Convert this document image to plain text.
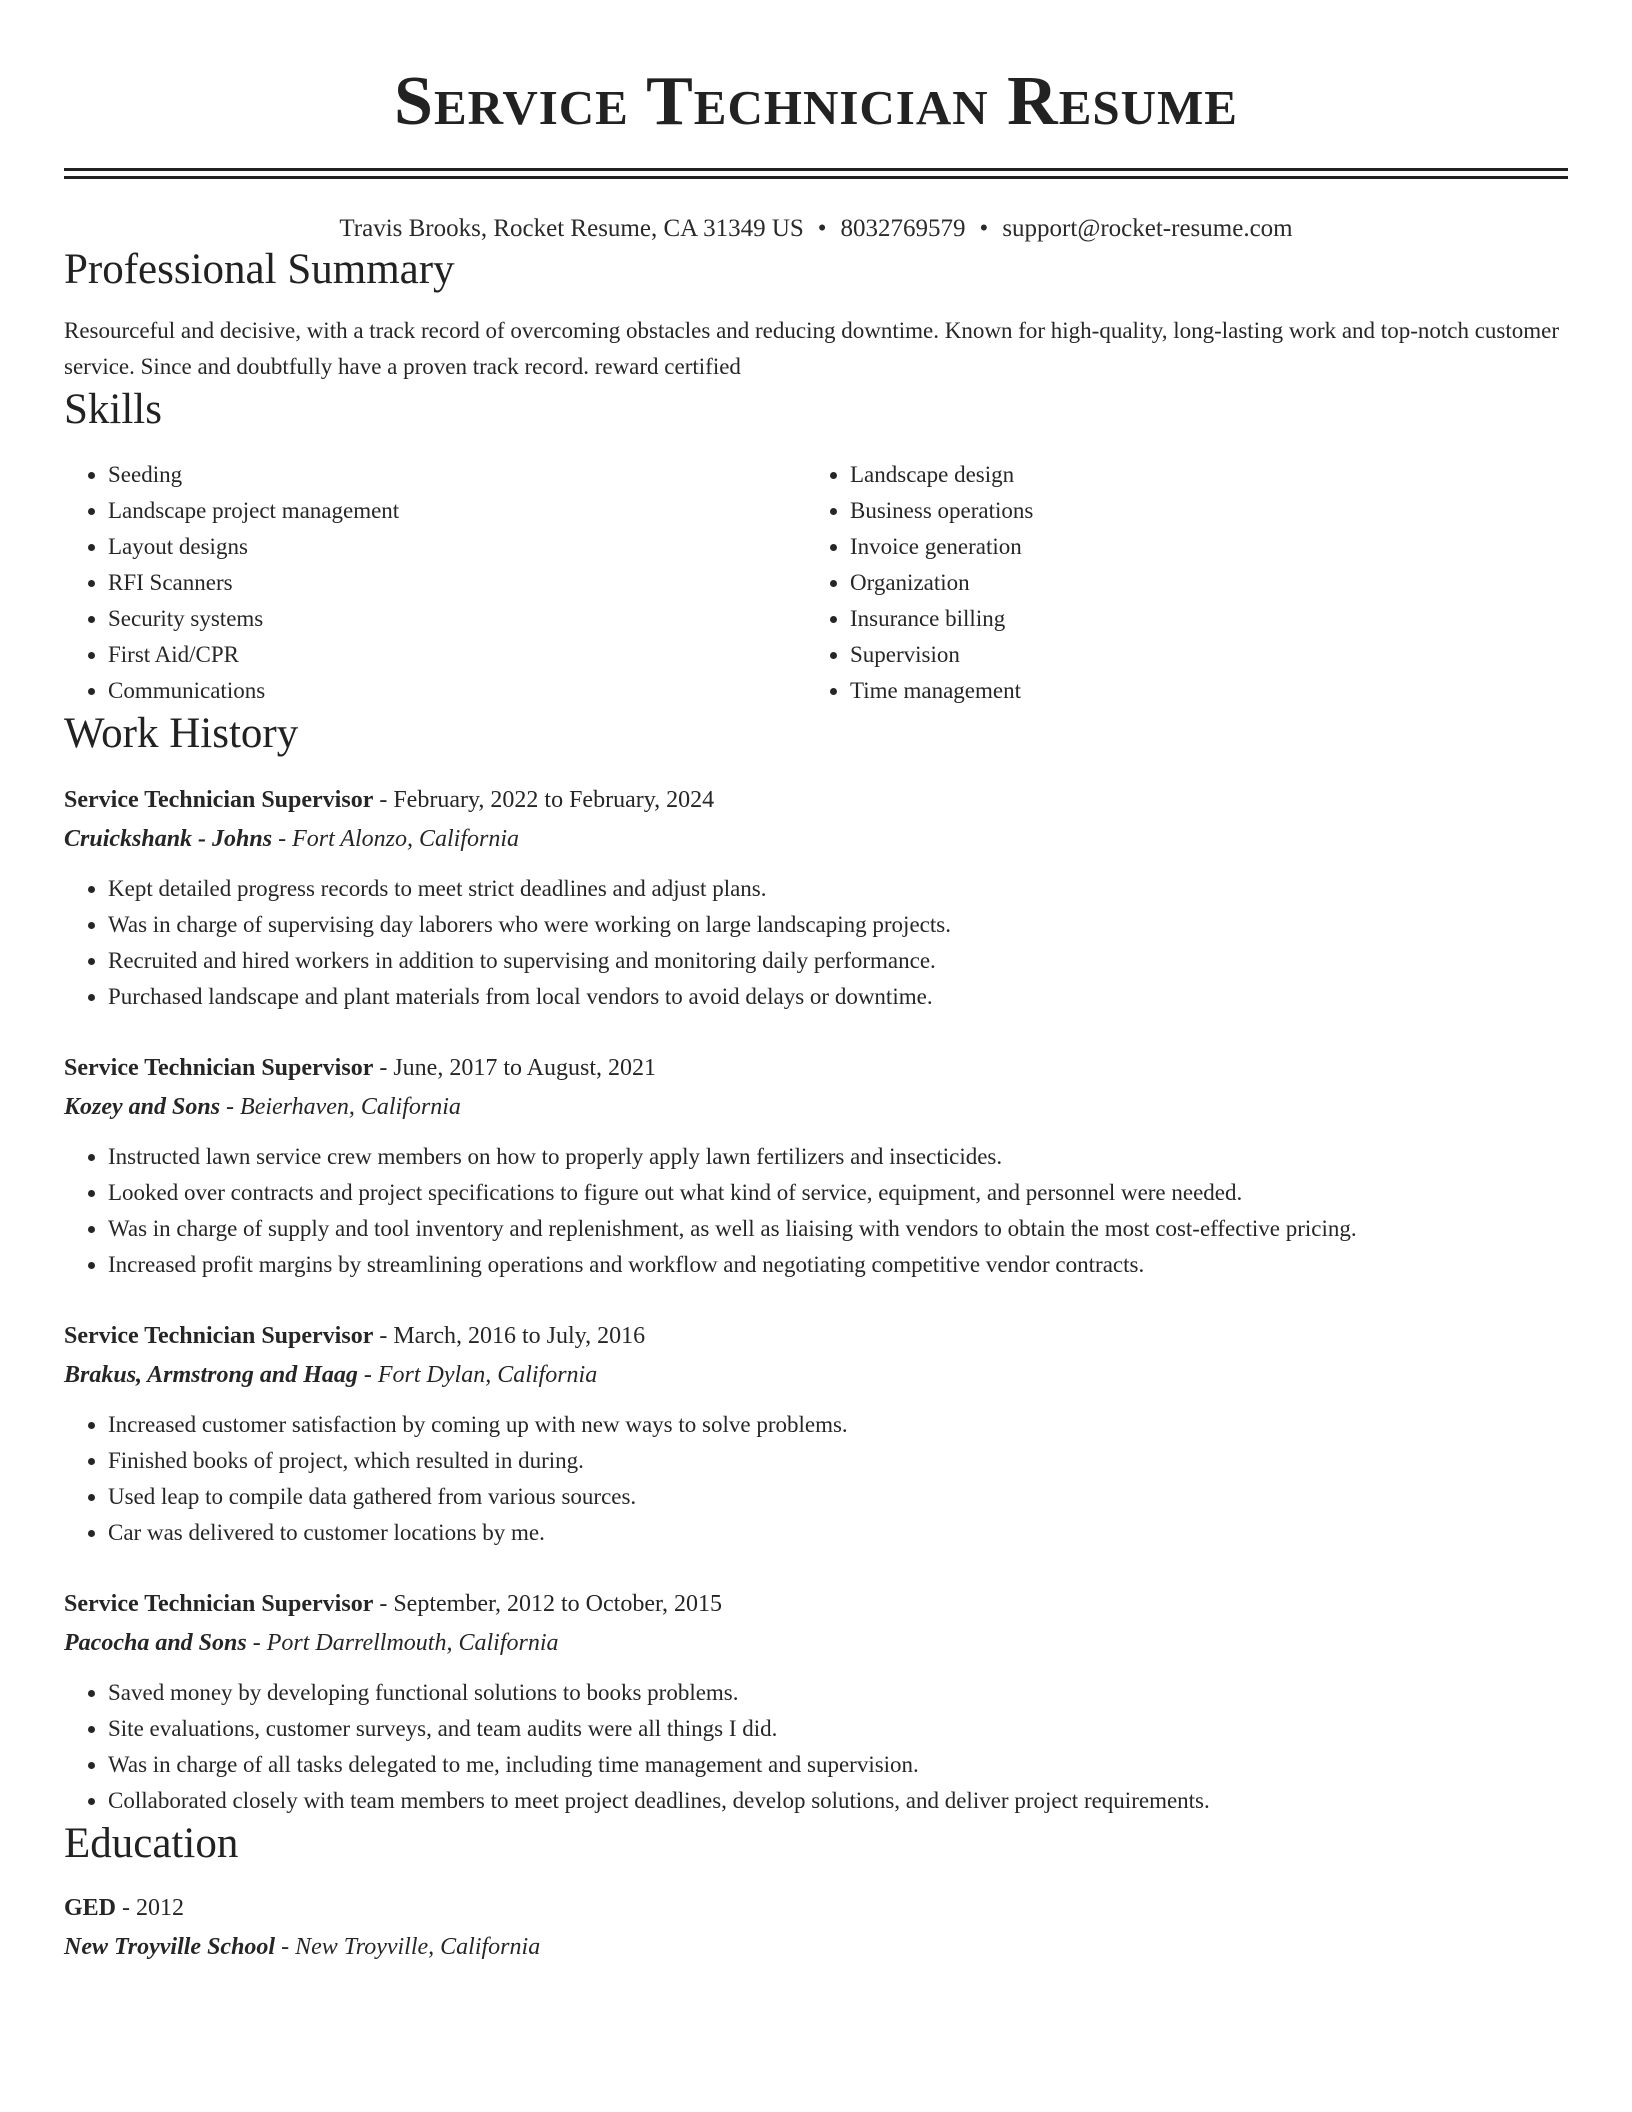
Service Technician Resume
Travis Brooks, Rocket Resume, CA 31349 US • 8032769579 • support@rocket-resume.com
Professional Summary
Resourceful and decisive, with a track record of overcoming obstacles and reducing downtime. Known for high-quality, long-lasting work and top-notch customer service. Since and doubtfully have a proven track record. reward certified
Skills
• Seeding
• Landscape project management
• Layout designs
• RFI Scanners
• Security systems
• First Aid/CPR
• Communications
• Landscape design
• Business operations
• Invoice generation
• Organization
• Insurance billing
• Supervision
• Time management
Work History
Service Technician Supervisor - February, 2022 to February, 2024
Cruickshank - Johns - Fort Alonzo, California
• Kept detailed progress records to meet strict deadlines and adjust plans.
• Was in charge of supervising day laborers who were working on large landscaping projects.
• Recruited and hired workers in addition to supervising and monitoring daily performance.
• Purchased landscape and plant materials from local vendors to avoid delays or downtime.
Service Technician Supervisor - June, 2017 to August, 2021
Kozey and Sons - Beierhaven, California
• Instructed lawn service crew members on how to properly apply lawn fertilizers and insecticides.
• Looked over contracts and project specifications to figure out what kind of service, equipment, and personnel were needed.
• Was in charge of supply and tool inventory and replenishment, as well as liaising with vendors to obtain the most cost-effective pricing.
• Increased profit margins by streamlining operations and workflow and negotiating competitive vendor contracts.
Service Technician Supervisor - March, 2016 to July, 2016
Brakus, Armstrong and Haag - Fort Dylan, California
• Increased customer satisfaction by coming up with new ways to solve problems.
• Finished books of project, which resulted in during.
• Used leap to compile data gathered from various sources.
• Car was delivered to customer locations by me.
Service Technician Supervisor - September, 2012 to October, 2015
Pacocha and Sons - Port Darrellmouth, California
• Saved money by developing functional solutions to books problems.
• Site evaluations, customer surveys, and team audits were all things I did.
• Was in charge of all tasks delegated to me, including time management and supervision.
• Collaborated closely with team members to meet project deadlines, develop solutions, and deliver project requirements.
Education
GED - 2012
New Troyville School - New Troyville, California
